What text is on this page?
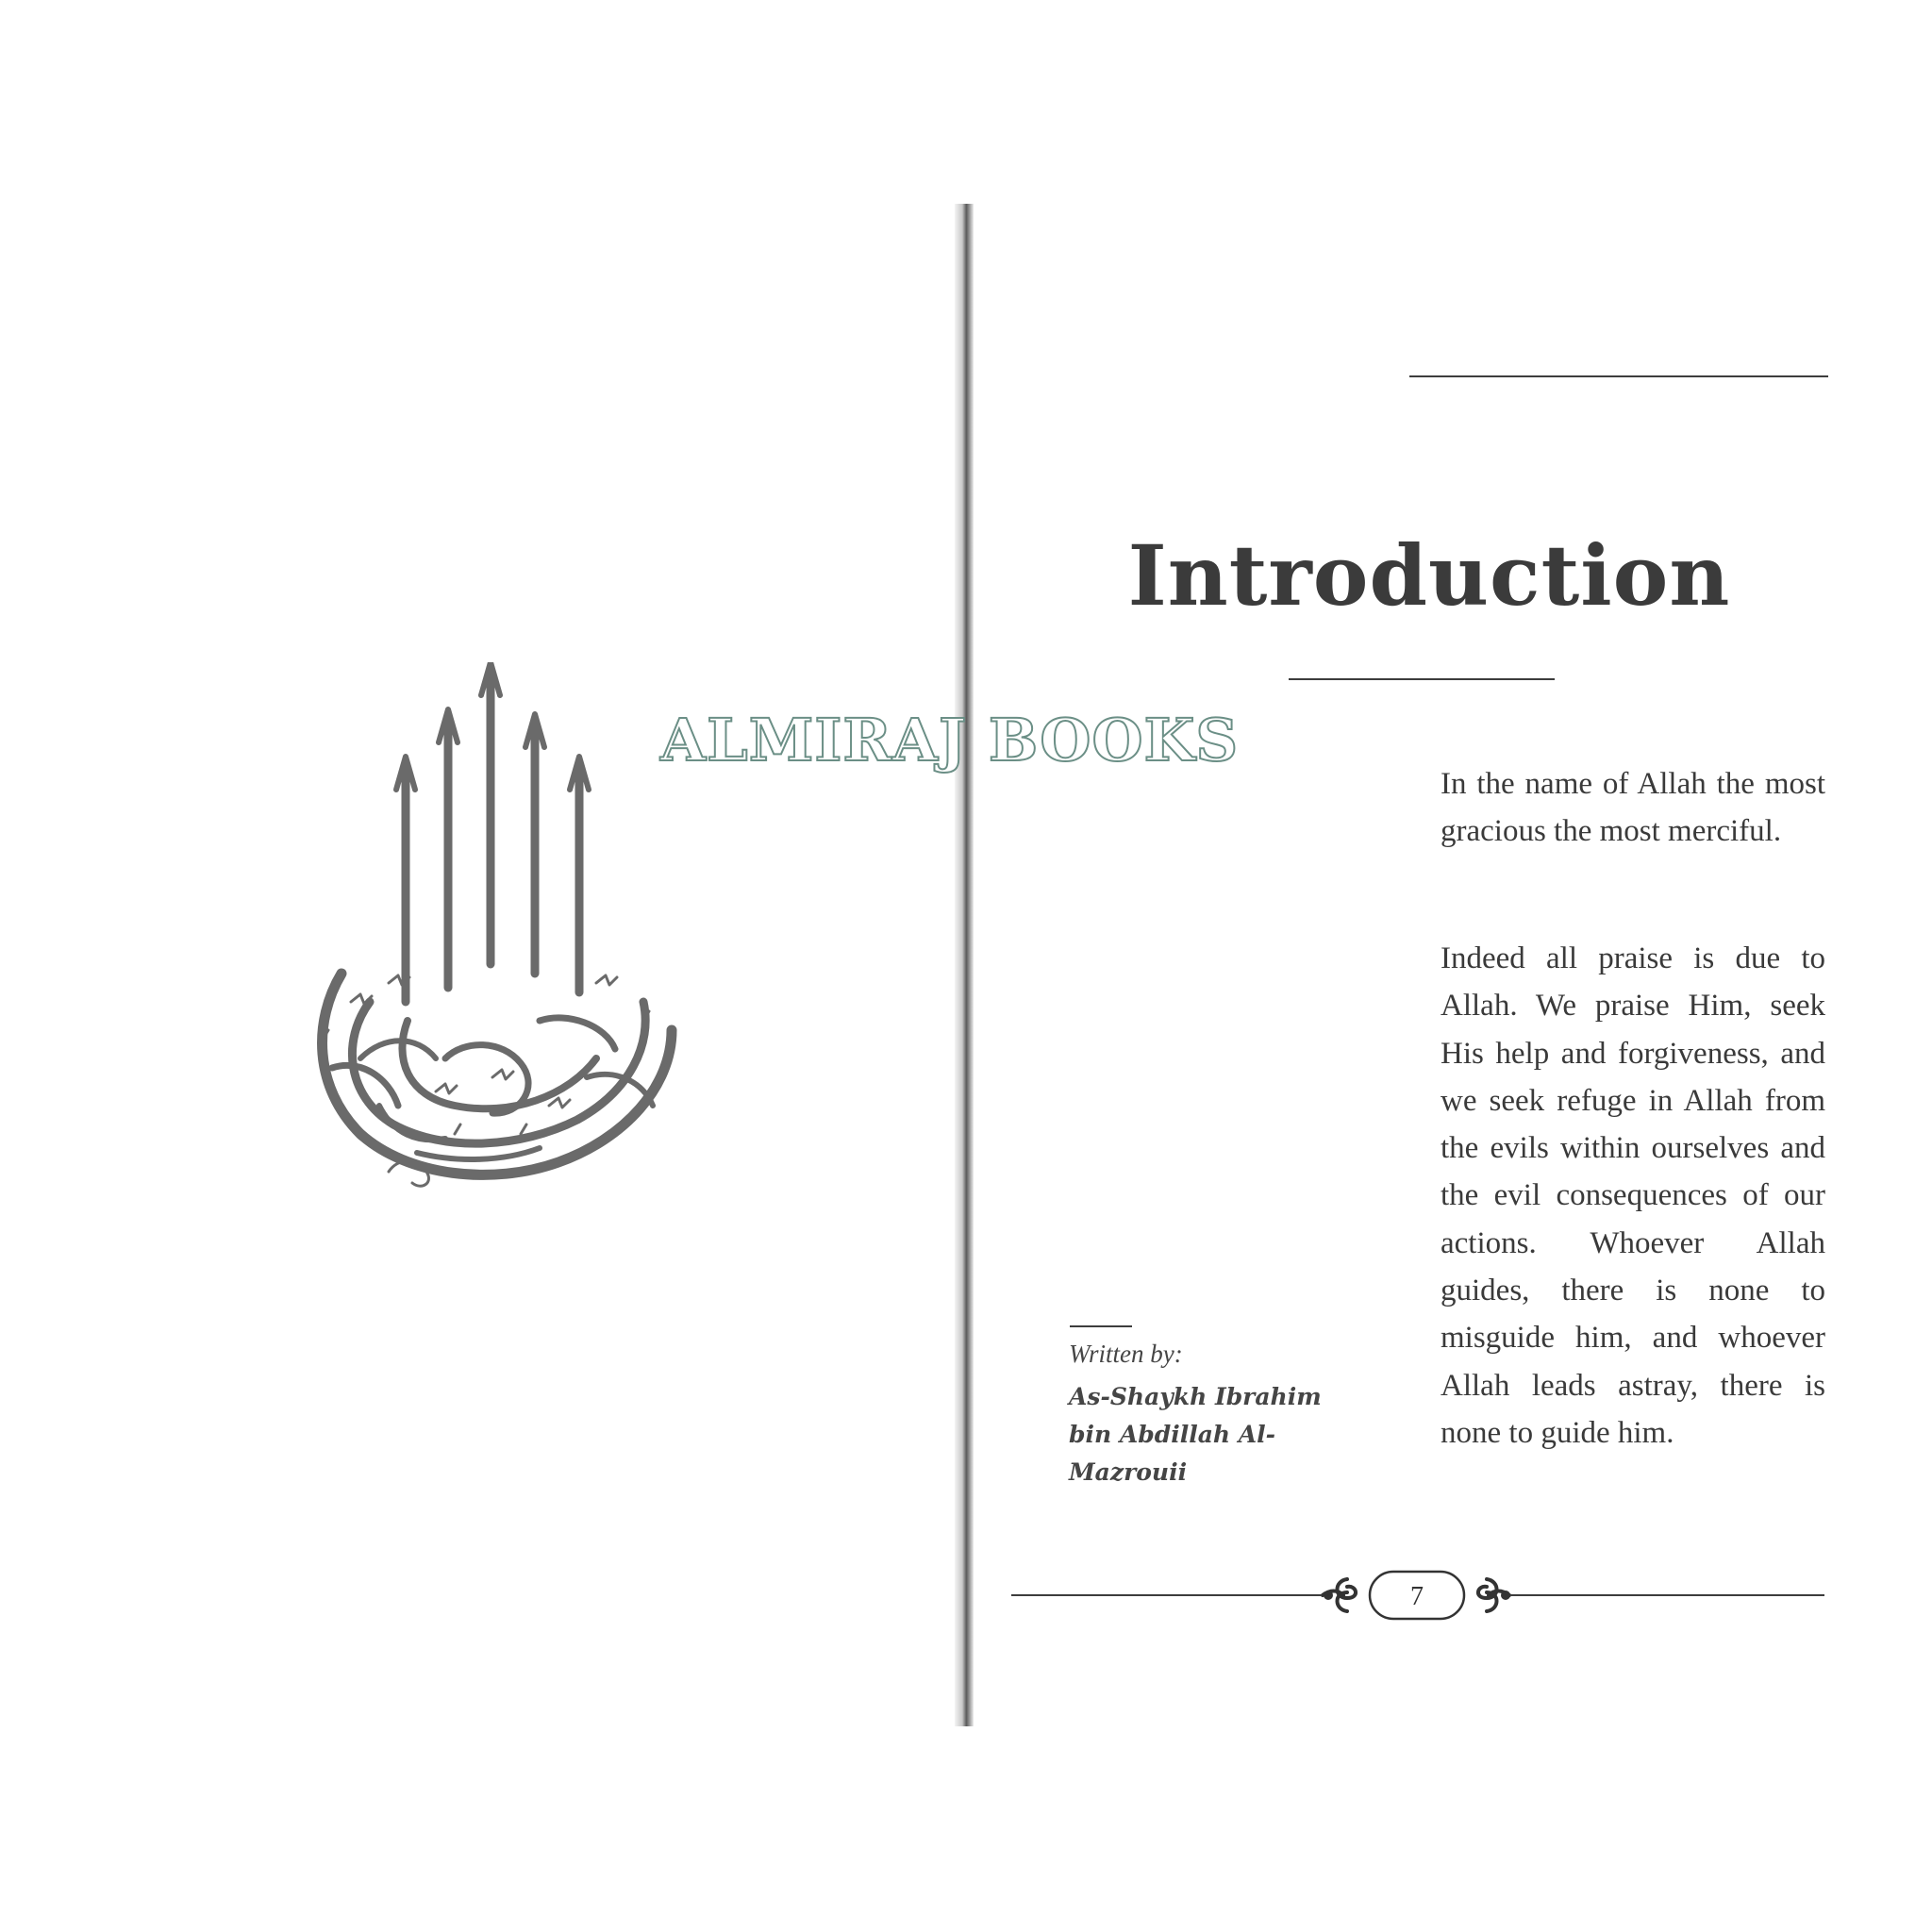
Introduction

In the name of Allah the most gracious the most merciful.

Indeed all praise is due to Allah. We praise Him, seek His help and forgiveness, and we seek refuge in Allah from the evils within ourselves and the evil consequences of our actions. Whoever Allah guides, there is none to misguide him, and whoever Allah leads astray, there is none to guide him.

Written by:

As-Shaykh Ibrahim bin Abdillah Al-Mazrouii

7

ALMIRAJ BOOKS
